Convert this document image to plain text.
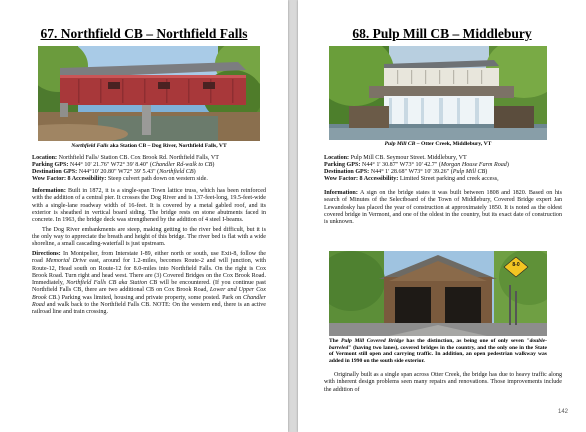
67. Northfield CB – Northfield Falls
Northfield Falls aka Station CB – Dog River, Northfield Falls, VT

Location: Northfield Falls/ Station CB. Cox Brook Rd. Northfield Falls, VT

Parking GPS: N44° 10' 21.76" W72° 39' 8.40" (Chandler Rd-walk to CB)

Destination GPS: N44°10' 20.80" W72° 39' 5.43" (Northfield CB)

Wow Factor: 8 Accessibility: Steep culvert path down on western side.

Information: Built in 1872, it is a single-span Town lattice truss, which has been reinforced with the addition of a central pier. It crosses the Dog River and is 137-feet-long, 19.5-feet-wide with a single-lane roadway width of 16-feet. It is covered by a metal gabled roof, and its exterior is sheathed in vertical board siding. The bridge rests on stone abutments faced in concrete. In 1963, the bridge deck was strengthened by the addition of 4 steel I-beams.

The Dog River embankments are steep, making getting to the river bed difficult, but it is the only way to appreciate the breath and height of this bridge. The river bed is flat with a wide shoreline, a small cascading-waterfall is just upstream.

Directions: In Montpelier, from Interstate I-89, either north or south, use Exit-8, follow the road Memorial Drive east, around for 1.2-miles, becomes Route-2 and will junction, with Route-12, Head south on Route-12 for 8.0-miles into Northfield Falls. On the right is Cox Brook Road. Turn right and head west. There are (3) Covered Bridges on the Cox Brook Road. Immediately, Northfield Falls CB aka Station CB will be encountered. (If you continue past Northfield Falls CB, there are two additional CB on Cox Brook Road, Lower and Upper Cox Brook CB.) Parking was limited, housing and private property, some posted. Park on Chandler Road and walk back to the Northfield Falls CB. NOTE: On the western end, there is an active railroad line and train crossing.

68. Pulp Mill CB – Middlebury
Pulp Mill CB – Otter Creek, Middlebury, VT

Location: Pulp Mill CB. Seymour Street. Middlebury, VT

Parking GPS: N44° 1' 30.87" W73° 10' 42.7" (Morgan House Farm Road)

Destination GPS: N44° 1' 28.68" W73° 10' 39.26" (Pulp Mill CB)

Wow Factor: 8 Accessibility: Limited Street parking and creek access,

Information: A sign on the bridge states it was built between 1808 and 1820. Based on his search of Minutes of the Selectboard of the Town of Middlebury, Covered Bridge expert Jan Lewandosky has placed the year of construction at approximately 1850. It is noted as the oldest covered bridge in Vermont, and one of the oldest in the country, but its exact date of construction is unknown.

8-0
The Pulp Mill Covered Bridge has the distinction, as being one of only seven "double-barreled" (having two lanes), covered bridges in the country, and the only one in the State of Vermont still open and carrying traffic. In addition, an open pedestrian walkway was added in 1990 on the south side exterior.

Originally built as a single span across Otter Creek, the bridge has due to heavy traffic along with inherent design problems seen many repairs and renovations. Those improvements include the addition of

142
